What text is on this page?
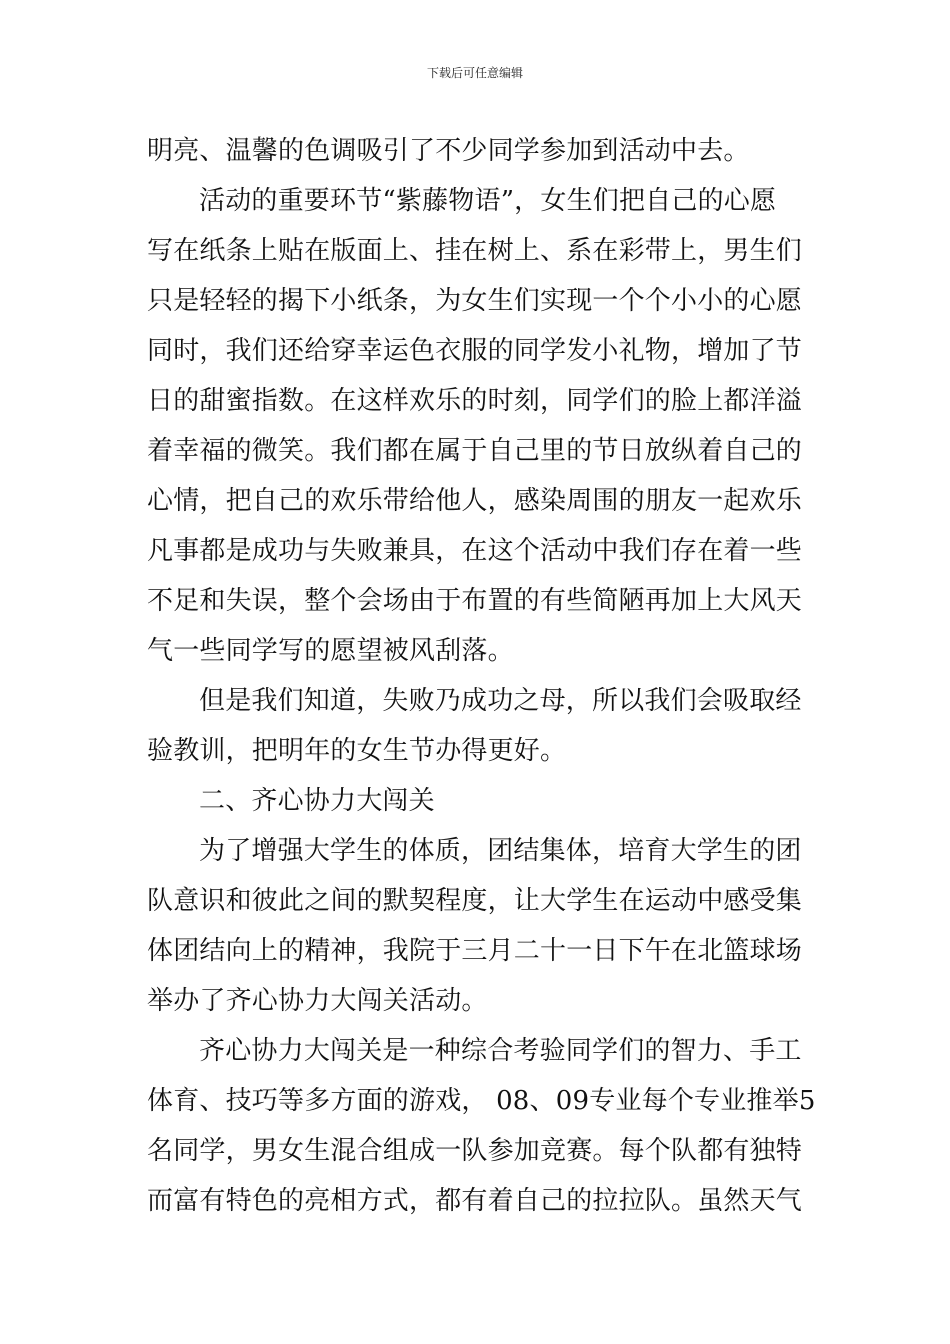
下载后可任意编辑

明亮、温馨的色调吸引了不少同学参加到活动中去。

活动的重要环节“紫藤物语”，女生们把自己的心愿
写在纸条上贴在版面上、挂在树上、系在彩带上，男生们
只是轻轻的揭下小纸条，为女生们实现一个个小小的心愿
同时，我们还给穿幸运色衣服的同学发小礼物，增加了节
日的甜蜜指数。在这样欢乐的时刻，同学们的脸上都洋溢
着幸福的微笑。我们都在属于自己里的节日放纵着自己的
心情，把自己的欢乐带给他人，感染周围的朋友一起欢乐
凡事都是成功与失败兼具，在这个活动中我们存在着一些
不足和失误，整个会场由于布置的有些简陋再加上大风天
气一些同学写的愿望被风刮落。

但是我们知道，失败乃成功之母，所以我们会吸取经
验教训，把明年的女生节办得更好。

二、齐心协力大闯关

为了增强大学生的体质，团结集体，培育大学生的团
队意识和彼此之间的默契程度，让大学生在运动中感受集
体团结向上的精神，我院于三月二十一日下午在北篮球场
举办了齐心协力大闯关活动。

齐心协力大闯关是一种综合考验同学们的智力、手工
体育、技巧等多方面的游戏， 08、09专业每个专业推举5
名同学，男女生混合组成一队参加竞赛。每个队都有独特
而富有特色的亮相方式，都有着自己的拉拉队。虽然天气
